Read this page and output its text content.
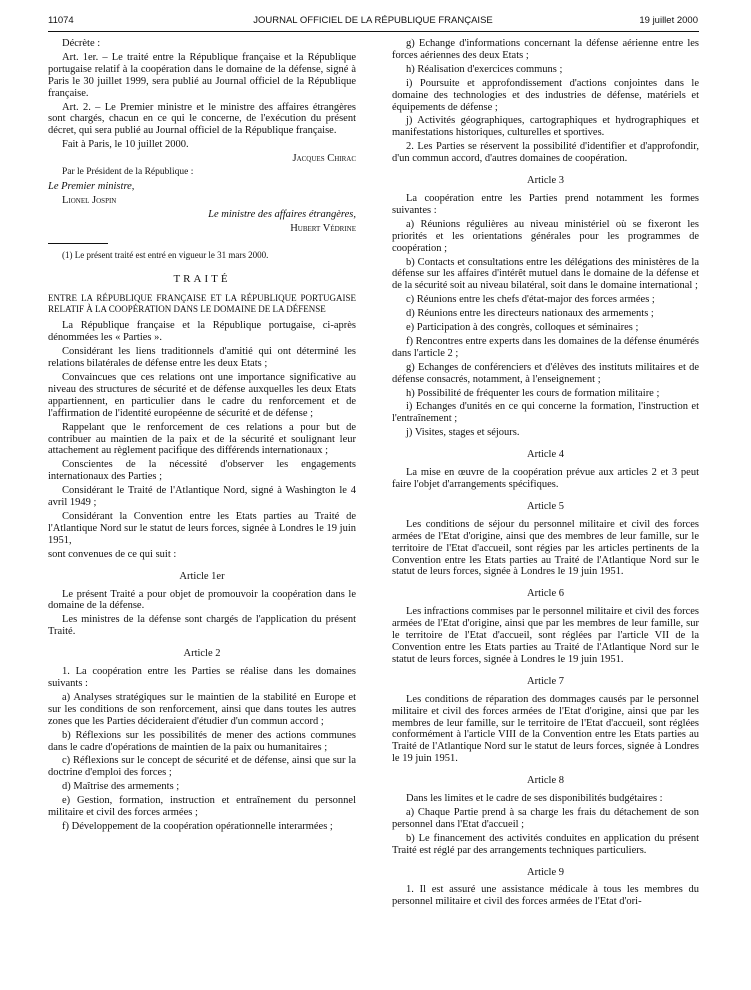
11074	JOURNAL OFFICIEL DE LA RÉPUBLIQUE FRANÇAISE	19 juillet 2000

Décrète :

Art. 1er. – Le traité entre la République française et la République portugaise relatif à la coopération dans le domaine de la défense, signé à Paris le 30 juillet 1999, sera publié au Journal officiel de la République française.

Art. 2. – Le Premier ministre et le ministre des affaires étrangères sont chargés, chacun en ce qui le concerne, de l'exécution du présent décret, qui sera publié au Journal officiel de la République française.

Fait à Paris, le 10 juillet 2000.

Jacques Chirac

Par le Président de la République :

Le Premier ministre,

Lionel Jospin

Le ministre des affaires étrangères,

Hubert Védrine

(1) Le présent traité est entré en vigueur le 31 mars 2000.

TRAITÉ

ENTRE LA RÉPUBLIQUE FRANÇAISE ET LA RÉPUBLIQUE PORTUGAISE RELATIF À LA COOPÉRATION DANS LE DOMAINE DE LA DÉFENSE

La République française et la République portugaise, ci-après dénommées les « Parties ».

Considérant les liens traditionnels d'amitié qui ont déterminé les relations bilatérales de défense entre les deux Etats ;

Convaincues que ces relations ont une importance significative au niveau des structures de sécurité et de défense auxquelles les deux Etats appartiennent, en particulier dans le cadre du renforcement et de l'affirmation de l'identité européenne de sécurité et de défense ;

Rappelant que le renforcement de ces relations a pour but de contribuer au maintien de la paix et de la sécurité et soulignant leur attachement au règlement pacifique des différends internationaux ;

Conscientes de la nécessité d'observer les engagements internationaux des Parties ;

Considérant le Traité de l'Atlantique Nord, signé à Washington le 4 avril 1949 ;

Considérant la Convention entre les Etats parties au Traité de l'Atlantique Nord sur le statut de leurs forces, signée à Londres le 19 juin 1951,

sont convenues de ce qui suit :

Article 1er

Le présent Traité a pour objet de promouvoir la coopération dans le domaine de la défense.

Les ministres de la défense sont chargés de l'application du présent Traité.

Article 2

1. La coopération entre les Parties se réalise dans les domaines suivants :

a) Analyses stratégiques sur le maintien de la stabilité en Europe et sur les conditions de son renforcement, ainsi que dans toutes les autres zones que les Parties décideraient d'étudier d'un commun accord ;

b) Réflexions sur les possibilités de mener des actions communes dans le cadre d'opérations de maintien de la paix ou humanitaires ;

c) Réflexions sur le concept de sécurité et de défense, ainsi que sur la doctrine d'emploi des forces ;

d) Maîtrise des armements ;

e) Gestion, formation, instruction et entraînement du personnel militaire et civil des forces armées ;

f) Développement de la coopération opérationnelle interarmées ;

g) Echange d'informations concernant la défense aérienne entre les forces aériennes des deux Etats ;

h) Réalisation d'exercices communs ;

i) Poursuite et approfondissement d'actions conjointes dans le domaine des technologies et des industries de défense, matériels et équipements de défense ;

j) Activités géographiques, cartographiques et hydrographiques et manifestations historiques, culturelles et sportives.

2. Les Parties se réservent la possibilité d'identifier et d'approfondir, d'un commun accord, d'autres domaines de coopération.

Article 3

La coopération entre les Parties prend notamment les formes suivantes :

a) Réunions régulières au niveau ministériel où se fixeront les priorités et les orientations générales pour les programmes de coopération ;

b) Contacts et consultations entre les délégations des ministères de la défense sur les affaires d'intérêt mutuel dans le domaine de la défense et de la sécurité soit au niveau bilatéral, soit dans le domaine international ;

c) Réunions entre les chefs d'état-major des forces armées ;

d) Réunions entre les directeurs nationaux des armements ;

e) Participation à des congrès, colloques et séminaires ;

f) Rencontres entre experts dans les domaines de la défense énumérés dans l'article 2 ;

g) Echanges de conférenciers et d'élèves des instituts militaires et de défense consacrés, notamment, à l'enseignement ;

h) Possibilité de fréquenter les cours de formation militaire ;

i) Echanges d'unités en ce qui concerne la formation, l'instruction et l'entraînement ;

j) Visites, stages et séjours.

Article 4

La mise en œuvre de la coopération prévue aux articles 2 et 3 peut faire l'objet d'arrangements spécifiques.

Article 5

Les conditions de séjour du personnel militaire et civil des forces armées de l'Etat d'origine, ainsi que des membres de leur famille, sur le territoire de l'Etat d'accueil, sont régies par les articles pertinents de la Convention entre les Etats parties au Traité de l'Atlantique Nord sur le statut de leurs forces, signée à Londres le 19 juin 1951.

Article 6

Les infractions commises par le personnel militaire et civil des forces armées de l'Etat d'origine, ainsi que par les membres de leur famille, sur le territoire de l'Etat d'accueil, sont réglées par l'article VII de la Convention entre les Etats parties au Traité de l'Atlantique Nord sur le statut de leurs forces, signée à Londres le 19 juin 1951.

Article 7

Les conditions de réparation des dommages causés par le personnel militaire et civil des forces armées de l'Etat d'origine, ainsi que par les membres de leur famille, sur le territoire de l'Etat d'accueil, sont réglées conformément à l'article VIII de la Convention entre les Etats parties au Traité de l'Atlantique Nord sur le statut de leurs forces, signée à Londres le 19 juin 1951.

Article 8

Dans les limites et le cadre de ses disponibilités budgétaires :

a) Chaque Partie prend à sa charge les frais du détachement de son personnel dans l'Etat d'accueil ;

b) Le financement des activités conduites en application du présent Traité est réglé par des arrangements techniques particuliers.

Article 9

1. Il est assuré une assistance médicale à tous les membres du personnel militaire et civil des forces armées de l'Etat d'ori-
